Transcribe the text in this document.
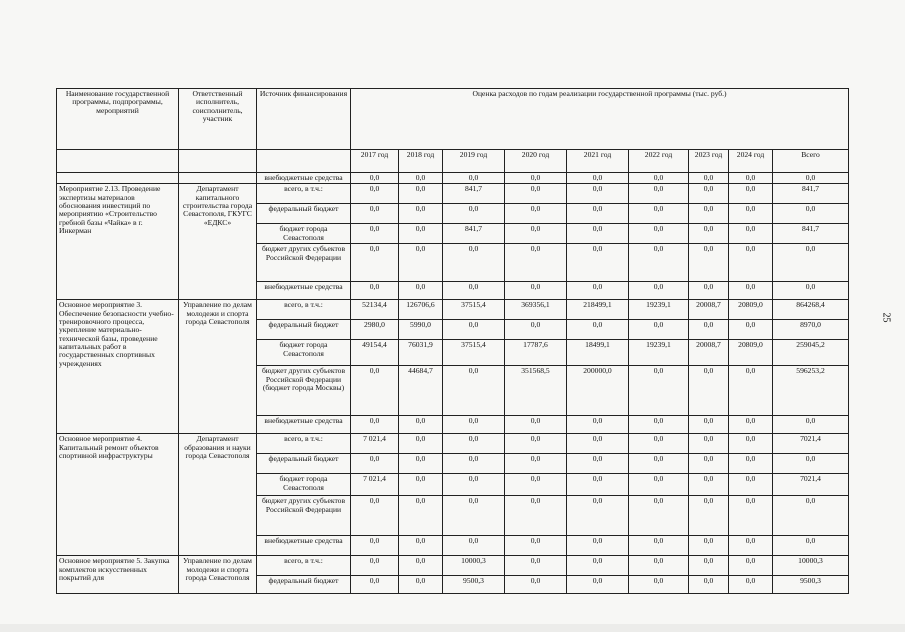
Наименование государственной программы, подпрограммы, мероприятий	Ответственный исполнитель, соисполнитель, участник	Источник финансирования	Оценка расходов по годам реализации государственной программы (тыс. руб.)								
			2017 год	2018 год	2019 год	2020 год	2021 год	2022 год	2023 год	2024 год	Всего
		внебюджетные средства	0,0	0,0	0,0	0,0	0,0	0,0	0,0	0,0	0,0
Мероприятие 2.13. Проведение экспертизы материалов обоснования инвестиций по мероприятию «Строительство гребной базы «Чайка» в г. Инкерман	Департамент капитального строительства города Севастополя, ГКУГС «ЕДКС»	всего, в т.ч.:	0,0	0,0	841,7	0,0	0,0	0,0	0,0	0,0	841,7
		федеральный бюджет	0,0	0,0	0,0	0,0	0,0	0,0	0,0	0,0	0,0
		бюджет города Севастополя	0,0	0,0	841,7	0,0	0,0	0,0	0,0	0,0	841,7
		бюджет других субъектов Российской Федерации	0,0	0,0	0,0	0,0	0,0	0,0	0,0	0,0	0,0
		внебюджетные средства	0,0	0,0	0,0	0,0	0,0	0,0	0,0	0,0	0,0
Основное мероприятие 3. Обеспечение безопасности учебно-тренировочного процесса, укрепление материально-технической базы, проведение капитальных работ в государственных спортивных учреждениях	Управление по делам молодежи и спорта города Севастополя	всего, в т.ч.:	52134,4	126706,6	37515,4	369356,1	218499,1	19239,1	20008,7	20809,0	864268,4
		федеральный бюджет	2980,0	5990,0	0,0	0,0	0,0	0,0	0,0	0,0	8970,0
		бюджет города Севастополя	49154,4	76031,9	37515,4	17787,6	18499,1	19239,1	20008,7	20809,0	259045,2
		бюджет других субъектов Российской Федерации (бюджет города Москвы)	0,0	44684,7	0,0	351568,5	200000,0	0,0	0,0	0,0	596253,2
		внебюджетные средства	0,0	0,0	0,0	0,0	0,0	0,0	0,0	0,0	0,0
Основное мероприятие 4. Капитальный ремонт объектов спортивной инфраструктуры	Департамент образования и науки города Севастополя	всего, в т.ч.:	7 021,4	0,0	0,0	0,0	0,0	0,0	0,0	0,0	7021,4
		федеральный бюджет	0,0	0,0	0,0	0,0	0,0	0,0	0,0	0,0	0,0
		бюджет города Севастополя	7 021,4	0,0	0,0	0,0	0,0	0,0	0,0	0,0	7021,4
		бюджет других субъектов Российской Федерации	0,0	0,0	0,0	0,0	0,0	0,0	0,0	0,0	0,0
		внебюджетные средства	0,0	0,0	0,0	0,0	0,0	0,0	0,0	0,0	0,0
Основное мероприятие 5. Закупка комплектов искусственных покрытий для	Управление по делам молодежи и спорта города Севастополя	всего, в т.ч.:	0,0	0,0	10000,3	0,0	0,0	0,0	0,0	0,0	10000,3
		федеральный бюджет	0,0	0,0	9500,3	0,0	0,0	0,0	0,0	0,0	9500,3
25
